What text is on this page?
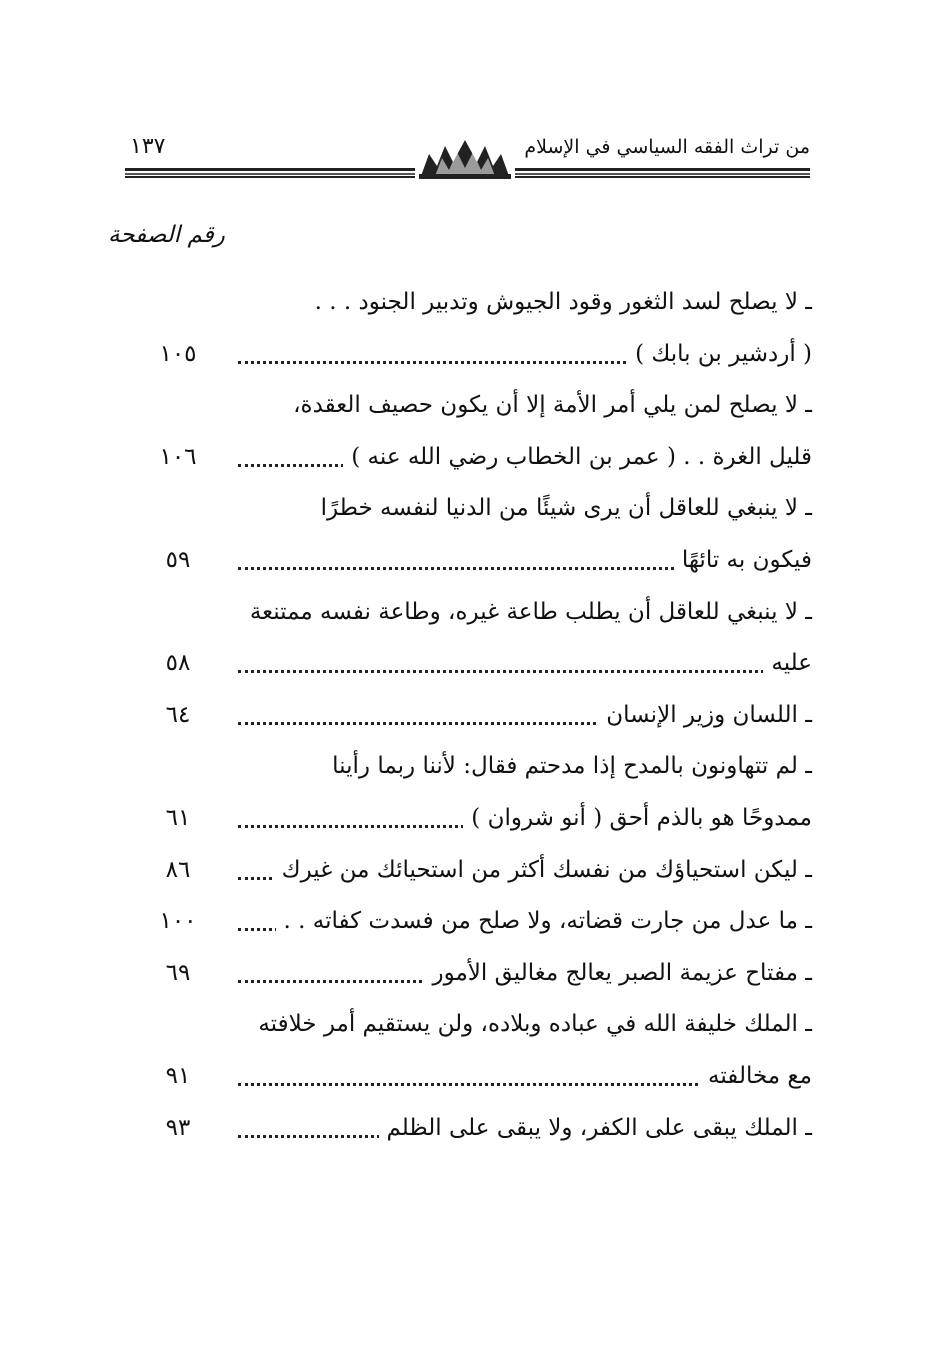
من تراث الفقه السياسي في الإسلام
١٣٧
رقم الصفحة
ـ لا يصلح لسد الثغور وقود الجيوش وتدبير الجنود . . .
( أردشير بن بابك )
١٠٥
ـ لا يصلح لمن يلي أمر الأمة إلا أن يكون حصيف العقدة،
قليل الغرة . . ( عمر بن الخطاب رضي الله عنه )
١٠٦
ـ لا ينبغي للعاقل أن يرى شيئًا من الدنيا لنفسه خطرًا
فيكون به تائهًا
٥٩
ـ لا ينبغي للعاقل أن يطلب طاعة غيره، وطاعة نفسه ممتنعة
عليه
٥٨
ـ اللسان وزير الإنسان
٦٤
ـ لم تتهاونون بالمدح إذا مدحتم فقال: لأننا ربما رأينا
ممدوحًا هو بالذم أحق ( أنو شروان )
٦١
ـ ليكن استحياؤك من نفسك أكثر من استحيائك من غيرك
٨٦
ـ ما عدل من جارت قضاته، ولا صلح من فسدت كفاته . .
١٠٠
ـ مفتاح عزيمة الصبر يعالج مغاليق الأمور
٦٩
ـ الملك خليفة الله في عباده وبلاده، ولن يستقيم أمر خلافته
مع مخالفته
٩١
ـ الملك يبقى على الكفر، ولا يبقى على الظلم
٩٣
